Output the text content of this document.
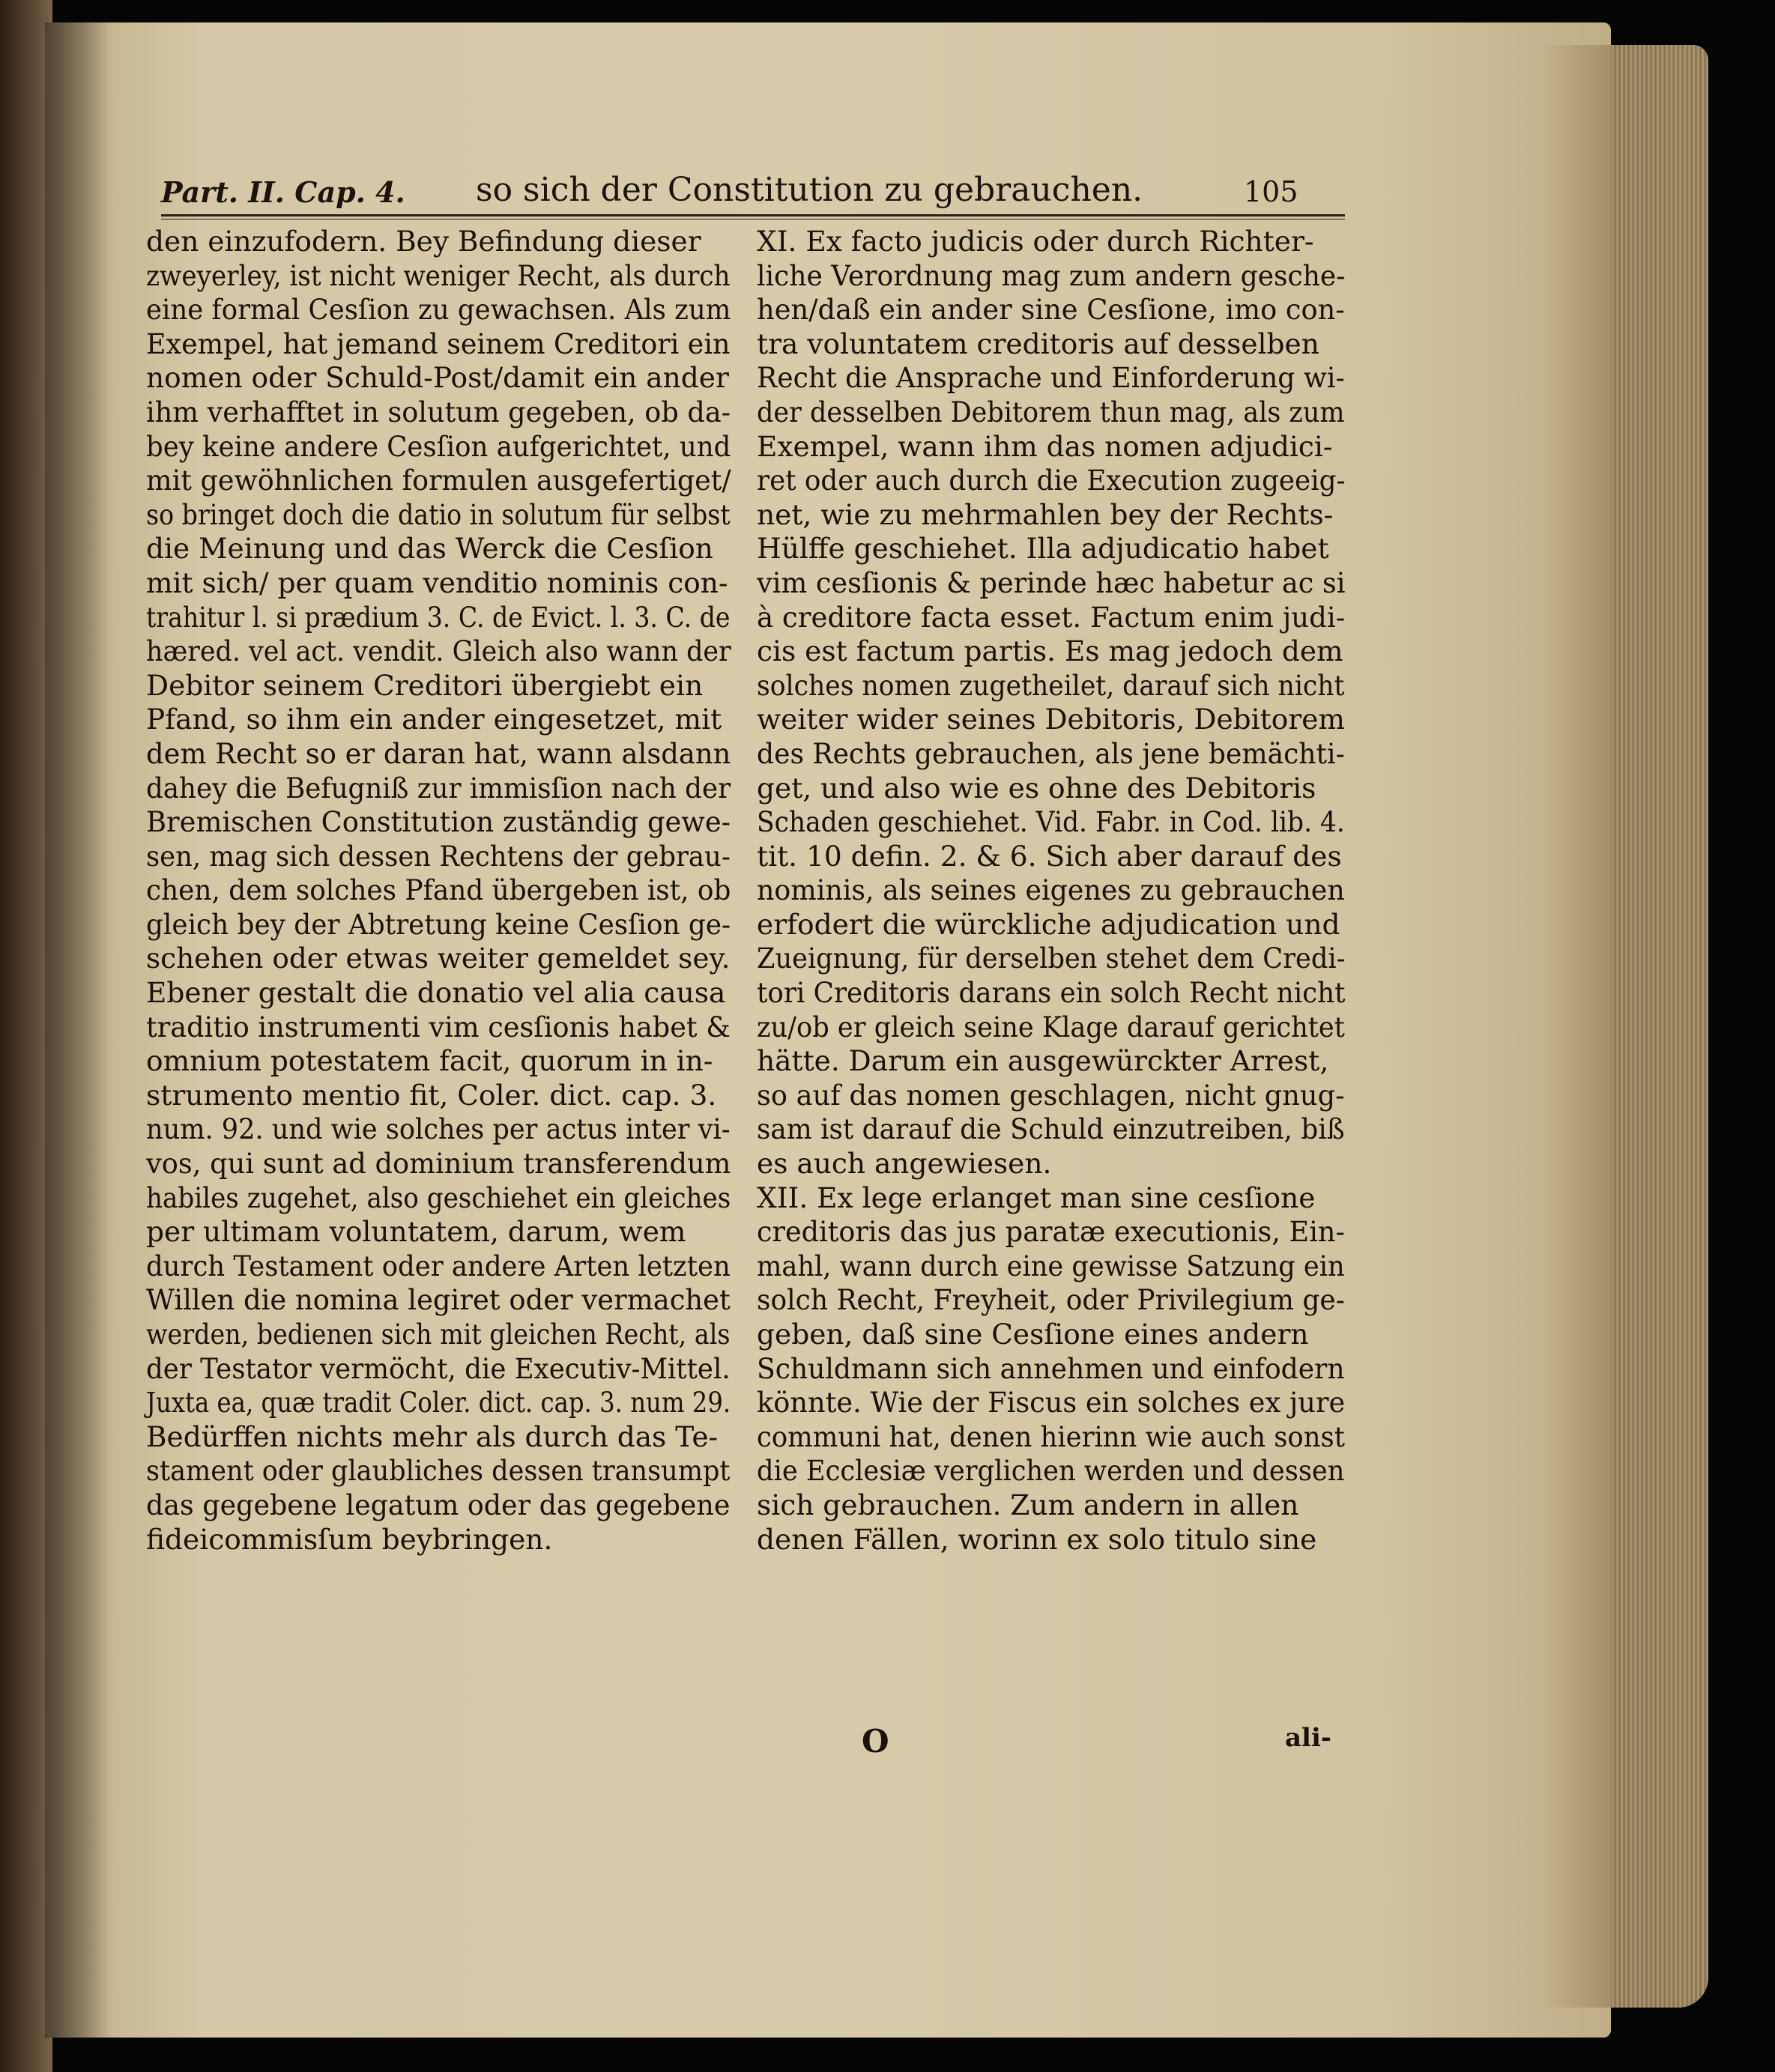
Part. II. Cap. 4. so sich der Constitution zu gebrauchen.	105
den einzufodern. Bey Befindung dieser
zweyerley, ist nicht weniger Recht, als durch
eine formal Cesſion zu gewachsen. Als zum
Exempel, hat jemand seinem Creditori ein
nomen oder Schuld-Post/damit ein ander
ihm verhafftet in solutum gegeben, ob da-
bey keine andere Cesſion aufgerichtet, und
mit gewöhnlichen formulen ausgefertiget/
so bringet doch die datio in solutum für selbst
die Meinung und das Werck die Cesſion
mit sich/ per quam venditio nominis con-
trahitur l. si prædium 3. C. de Evict. l. 3. C. de
hæred. vel act. vendit. Gleich also wann der
Debitor seinem Creditori übergiebt ein
Pfand, so ihm ein ander eingesetzet, mit
dem Recht so er daran hat, wann alsdann
dahey die Befugniß zur immisſion nach der
Bremischen Constitution zuständig gewe-
sen, mag sich dessen Rechtens der gebrau-
chen, dem solches Pfand übergeben ist, ob
gleich bey der Abtretung keine Cesſion ge-
schehen oder etwas weiter gemeldet sey.
Ebener gestalt die donatio vel alia causa
traditio instrumenti vim cesſionis habet &
omnium potestatem facit, quorum in in-
strumento mentio fit, Coler. dict. cap. 3.
num. 92. und wie solches per actus inter vi-
vos, qui sunt ad dominium transferendum
habiles zugehet, also geschiehet ein gleiches
per ultimam voluntatem, darum, wem
durch Testament oder andere Arten letzten
Willen die nomina legiret oder vermachet
werden, bedienen sich mit gleichen Recht, als
der Testator vermöcht, die Executiv-Mittel.
Juxta ea, quæ tradit Coler. dict. cap. 3. num 29.
Bedürffen nichts mehr als durch das Te-
stament oder glaubliches dessen transumpt
das gegebene legatum oder das gegebene
fideicommisſum beybringen.
XI. Ex facto judicis oder durch Richter-
liche Verordnung mag zum andern gesche-
hen/daß ein ander sine Cesſione, imo con-
tra voluntatem creditoris auf desselben
Recht die Ansprache und Einforderung wi-
der desselben Debitorem thun mag, als zum
Exempel, wann ihm das nomen adjudici-
ret oder auch durch die Execution zugeeig-
net, wie zu mehrmahlen bey der Rechts-
Hülffe geschiehet. Illa adjudicatio habet
vim cesſionis & perinde hæc habetur ac si
à creditore facta esset. Factum enim judi-
cis est factum partis. Es mag jedoch dem
solches nomen zugetheilet, darauf sich nicht
weiter wider seines Debitoris, Debitorem
des Rechts gebrauchen, als jene bemächti-
get, und also wie es ohne des Debitoris
Schaden geschiehet. Vid. Fabr. in Cod. lib. 4.
tit. 10 defin. 2. & 6. Sich aber darauf des
nominis, als seines eigenes zu gebrauchen
erfodert die würckliche adjudication und
Zueignung, für derselben stehet dem Credi-
tori Creditoris darans ein solch Recht nicht
zu/ob er gleich seine Klage darauf gerichtet
hätte. Darum ein ausgewürckter Arrest,
so auf das nomen geschlagen, nicht gnug-
sam ist darauf die Schuld einzutreiben, biß
es auch angewiesen.
XII. Ex lege erlanget man sine cesſione
creditoris das jus paratæ executionis, Ein-
mahl, wann durch eine gewisse Satzung ein
solch Recht, Freyheit, oder Privilegium ge-
geben, daß sine Cesſione eines andern
Schuldmann sich annehmen und einfodern
könnte. Wie der Fiscus ein solches ex jure
communi hat, denen hierinn wie auch sonst
die Ecclesiæ verglichen werden und dessen
sich gebrauchen. Zum andern in allen
denen Fällen, worinn ex solo titulo sine
O	ali-
